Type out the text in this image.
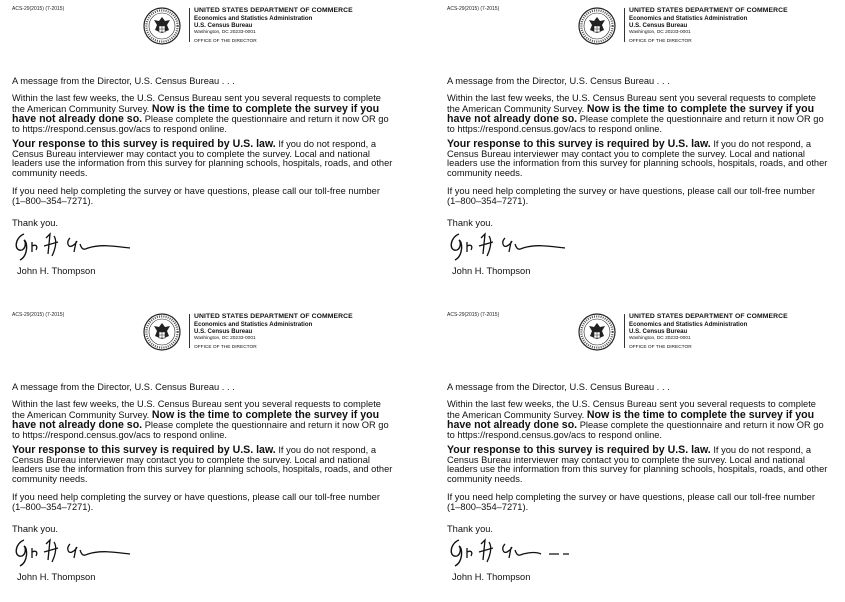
ACS-29(2015) (7-2015)	UNITED STATES DEPARTMENT OF COMMERCE
Economics and Statistics Administration
U.S. Census Bureau
Washington, DC 20233-0001
OFFICE OF THE DIRECTOR
A message from the Director, U.S. Census Bureau . . .

Within the last few weeks, the U.S. Census Bureau sent you several requests to complete the American Community Survey. Now is the time to complete the survey if you have not already done so. Please complete the questionnaire and return it now OR go to https://respond.census.gov/acs to respond online.

Your response to this survey is required by U.S. law. If you do not respond, a Census Bureau interviewer may contact you to complete the survey. Local and national leaders use the information from this survey for planning schools, hospitals, roads, and other community needs.

If you need help completing the survey or have questions, please call our toll-free number (1–800–354–7271).

Thank you.
John H. Thompson
ACS-29(2015) (7-2015)	UNITED STATES DEPARTMENT OF COMMERCE
Economics and Statistics Administration
U.S. Census Bureau
Washington, DC 20233-0001
OFFICE OF THE DIRECTOR
A message from the Director, U.S. Census Bureau . . .

Within the last few weeks, the U.S. Census Bureau sent you several requests to complete the American Community Survey. Now is the time to complete the survey if you have not already done so. Please complete the questionnaire and return it now OR go to https://respond.census.gov/acs to respond online.

Your response to this survey is required by U.S. law. If you do not respond, a Census Bureau interviewer may contact you to complete the survey. Local and national leaders use the information from this survey for planning schools, hospitals, roads, and other community needs.

If you need help completing the survey or have questions, please call our toll-free number (1–800–354–7271).

Thank you.
John H. Thompson
ACS-29(2015) (7-2015)	UNITED STATES DEPARTMENT OF COMMERCE
Economics and Statistics Administration
U.S. Census Bureau
Washington, DC 20233-0001
OFFICE OF THE DIRECTOR
A message from the Director, U.S. Census Bureau . . .

Within the last few weeks, the U.S. Census Bureau sent you several requests to complete the American Community Survey. Now is the time to complete the survey if you have not already done so. Please complete the questionnaire and return it now OR go to https://respond.census.gov/acs to respond online.

Your response to this survey is required by U.S. law. If you do not respond, a Census Bureau interviewer may contact you to complete the survey. Local and national leaders use the information from this survey for planning schools, hospitals, roads, and other community needs.

If you need help completing the survey or have questions, please call our toll-free number (1–800–354–7271).

Thank you.
John H. Thompson
ACS-29(2015) (7-2015)	UNITED STATES DEPARTMENT OF COMMERCE
Economics and Statistics Administration
U.S. Census Bureau
Washington, DC 20233-0001
OFFICE OF THE DIRECTOR
A message from the Director, U.S. Census Bureau . . .

Within the last few weeks, the U.S. Census Bureau sent you several requests to complete the American Community Survey. Now is the time to complete the survey if you have not already done so. Please complete the questionnaire and return it now OR go to https://respond.census.gov/acs to respond online.

Your response to this survey is required by U.S. law. If you do not respond, a Census Bureau interviewer may contact you to complete the survey. Local and national leaders use the information from this survey for planning schools, hospitals, roads, and other community needs.

If you need help completing the survey or have questions, please call our toll-free number (1–800–354–7271).

Thank you.
John H. Thompson
